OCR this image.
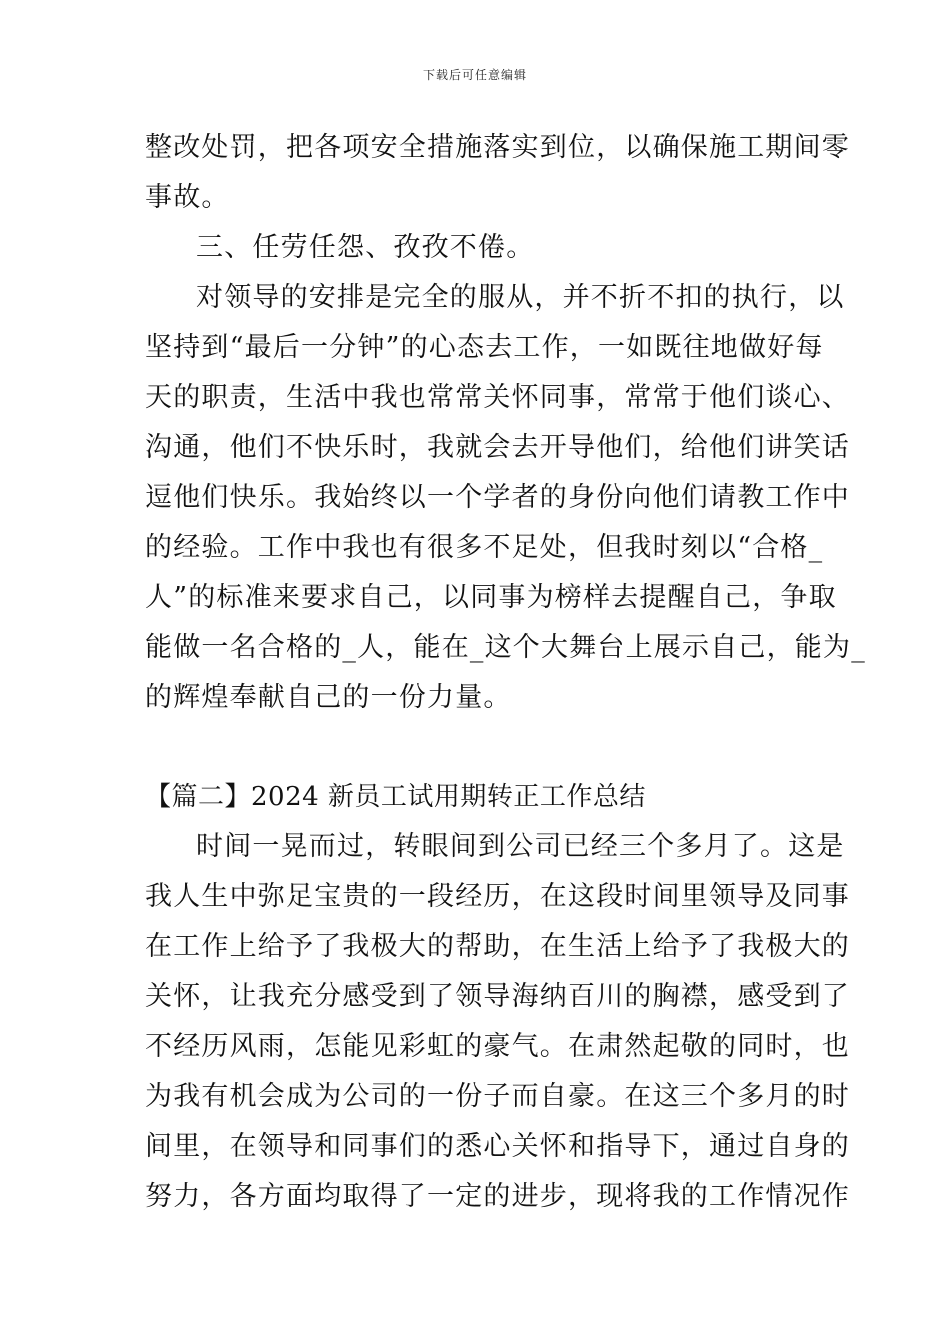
下载后可任意编辑
整改处罚，把各项安全措施落实到位，以确保施工期间零
事故。
三、任劳任怨、孜孜不倦。
对领导的安排是完全的服从，并不折不扣的执行，以
坚持到“最后一分钟”的心态去工作，一如既往地做好每
天的职责，生活中我也常常关怀同事，常常于他们谈心、
沟通，他们不快乐时，我就会去开导他们，给他们讲笑话
逗他们快乐。我始终以一个学者的身份向他们请教工作中
的经验。工作中我也有很多不足处，但我时刻以“合格_
人”的标准来要求自己，以同事为榜样去提醒自己，争取
能做一名合格的_人，能在_这个大舞台上展示自己，能为_
的辉煌奉献自己的一份力量。
【篇二】2024 新员工试用期转正工作总结
时间一晃而过，转眼间到公司已经三个多月了。这是
我人生中弥足宝贵的一段经历，在这段时间里领导及同事
在工作上给予了我极大的帮助，在生活上给予了我极大的
关怀，让我充分感受到了领导海纳百川的胸襟，感受到了
不经历风雨，怎能见彩虹的豪气。在肃然起敬的同时，也
为我有机会成为公司的一份子而自豪。在这三个多月的时
间里，在领导和同事们的悉心关怀和指导下，通过自身的
努力，各方面均取得了一定的进步，现将我的工作情况作
